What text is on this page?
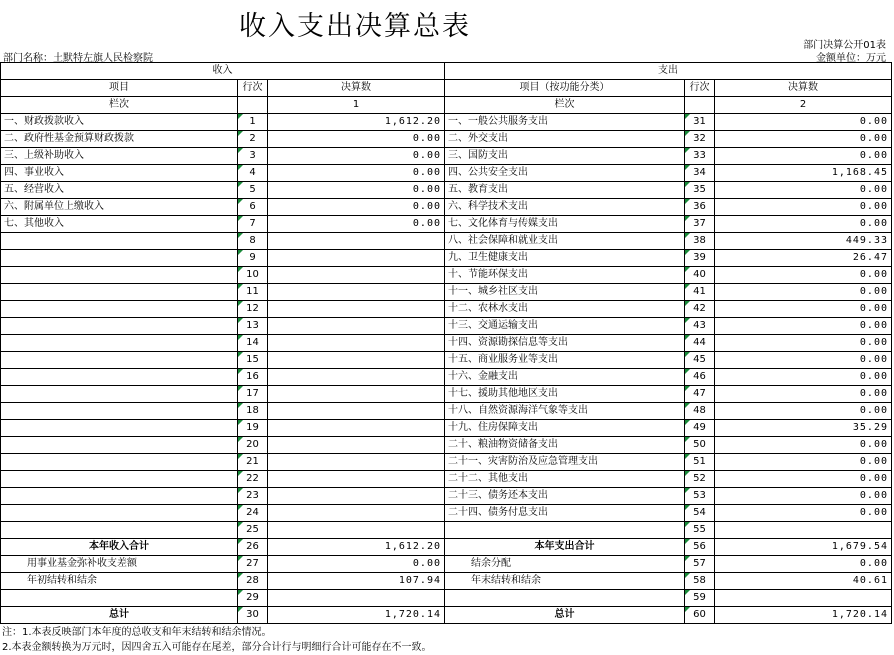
收入支出决算总表
部门决算公开01表
部门名称：土默特左旗人民检察院	金额单位：万元
收入			支出		
项目	行次	决算数	项目（按功能分类）	行次	决算数
栏次		1	栏次		2
一、财政拨款收入	1	1,612.20	一、一般公共服务支出	31	0.00
二、政府性基金预算财政拨款	2	0.00	二、外交支出	32	0.00
三、上级补助收入	3	0.00	三、国防支出	33	0.00
四、事业收入	4	0.00	四、公共安全支出	34	1,168.45
五、经营收入	5	0.00	五、教育支出	35	0.00
六、附属单位上缴收入	6	0.00	六、科学技术支出	36	0.00
七、其他收入	7	0.00	七、文化体育与传媒支出	37	0.00
	8		八、社会保障和就业支出	38	449.33
	9		九、卫生健康支出	39	26.47
	10		十、节能环保支出	40	0.00
	11		十一、城乡社区支出	41	0.00
	12		十二、农林水支出	42	0.00
	13		十三、交通运输支出	43	0.00
	14		十四、资源勘探信息等支出	44	0.00
	15		十五、商业服务业等支出	45	0.00
	16		十六、金融支出	46	0.00
	17		十七、援助其他地区支出	47	0.00
	18		十八、自然资源海洋气象等支出	48	0.00
	19		十九、住房保障支出	49	35.29
	20		二十、粮油物资储备支出	50	0.00
	21		二十一、灾害防治及应急管理支出	51	0.00
	22		二十二、其他支出	52	0.00
	23		二十三、债务还本支出	53	0.00
	24		二十四、债务付息支出	54	0.00
	25			55	
本年收入合计	26	1,612.20	本年支出合计	56	1,679.54
用事业基金弥补收支差额	27	0.00	结余分配	57	0.00
年初结转和结余	28	107.94	年末结转和结余	58	40.61
	29			59	
总计	30	1,720.14	总计	60	1,720.14
注：1.本表反映部门本年度的总收支和年末结转和结余情况。
2.本表金额转换为万元时，因四舍五入可能存在尾差，部分合计行与明细行合计可能存在不一致。
